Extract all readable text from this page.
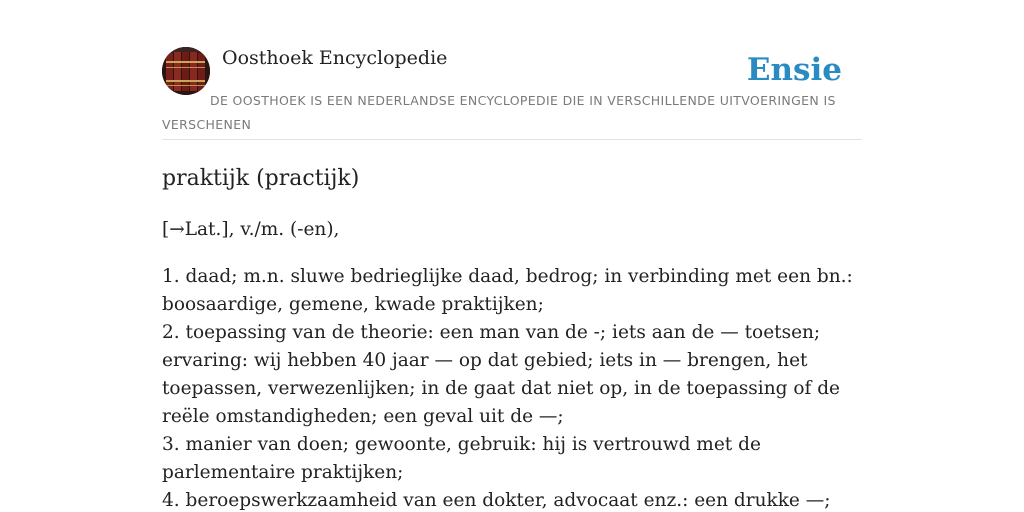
Oosthoek Encyclopedie	Ensie

DE OOSTHOEK IS EEN NEDERLANDSE ENCYCLOPEDIE DIE IN VERSCHILLENDE UITVOERINGEN IS VERSCHENEN

praktijk (practijk)

[→Lat.], v./m. (-en),

1. daad; m.n. sluwe bedrieglijke daad, bedrog; in verbinding met een bn.: boosaardige, gemene, kwade praktijken;
2. toepassing van de theorie: een man van de -; iets aan de — toetsen; ervaring: wij hebben 40 jaar — op dat gebied; iets in — brengen, het toepassen, verwezenlijken; in de gaat dat niet op, in de toepassing of de reële omstandigheden; een geval uit de —;
3. manier van doen; gewoonte, gebruik: hij is vertrouwd met de parlementaire praktijken;
4. beroepswerkzaamheid van een dokter, advocaat enz.: een drukke —;
